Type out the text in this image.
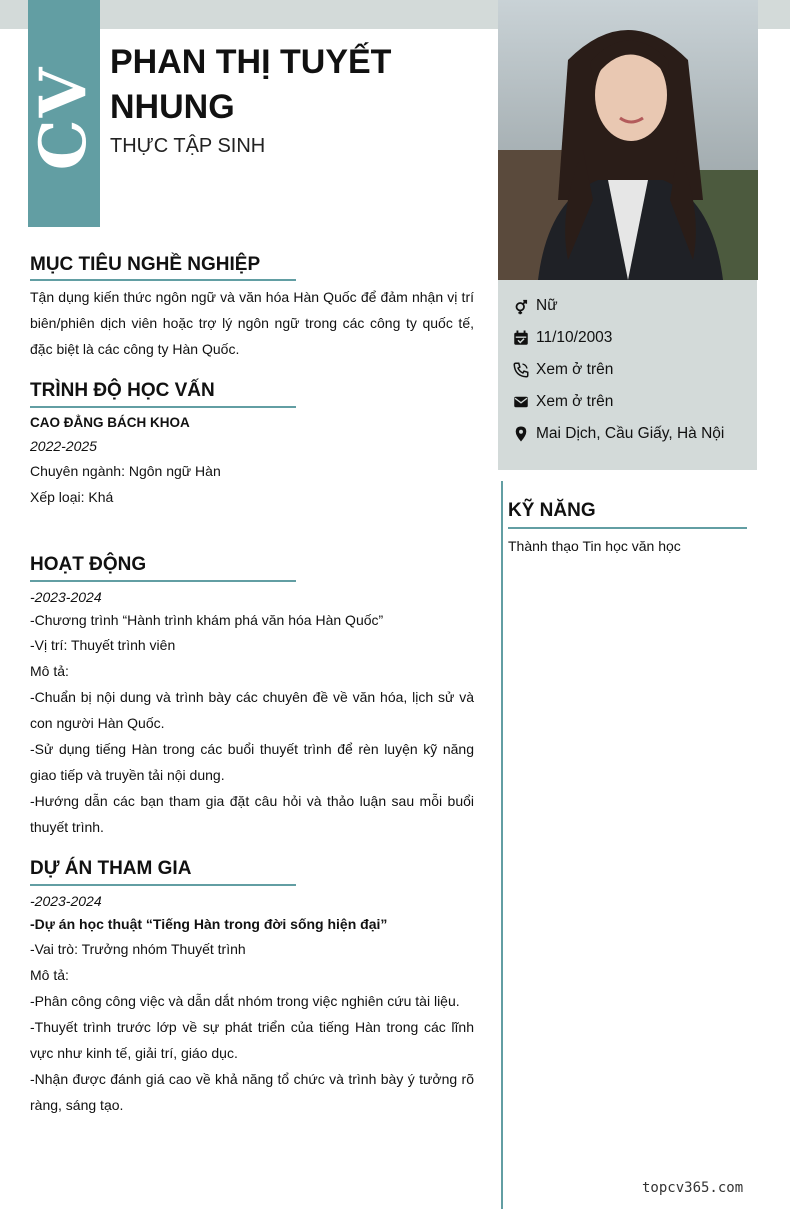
CV
PHAN THỊ TUYẾT NHUNG
THỰC TẬP SINH
Nữ
11/10/2003
Xem ở trên
Xem ở trên
Mai Dịch, Cầu Giấy, Hà Nội
MỤC TIÊU NGHỀ NGHIỆP
Tận dụng kiến thức ngôn ngữ và văn hóa Hàn Quốc để đảm nhận vị trí biên/phiên dịch viên hoặc trợ lý ngôn ngữ trong các công ty quốc tế, đặc biệt là các công ty Hàn Quốc.
TRÌNH ĐỘ HỌC VẤN
CAO ĐẲNG BÁCH KHOA
2022-2025
Chuyên ngành: Ngôn ngữ Hàn
Xếp loại: Khá
HOẠT ĐỘNG
-2023-2024
-Chương trình “Hành trình khám phá văn hóa Hàn Quốc”
-Vị trí: Thuyết trình viên
Mô tả:
-Chuẩn bị nội dung và trình bày các chuyên đề về văn hóa, lịch sử và con người Hàn Quốc.
-Sử dụng tiếng Hàn trong các buổi thuyết trình để rèn luyện kỹ năng giao tiếp và truyền tải nội dung.
-Hướng dẫn các bạn tham gia đặt câu hỏi và thảo luận sau mỗi buổi thuyết trình.
DỰ ÁN THAM GIA
-2023-2024
-Dự án học thuật “Tiếng Hàn trong đời sống hiện đại”
-Vai trò: Trưởng nhóm Thuyết trình
Mô tả:
-Phân công công việc và dẫn dắt nhóm trong việc nghiên cứu tài liệu.
-Thuyết trình trước lớp về sự phát triển của tiếng Hàn trong các lĩnh vực như kinh tế, giải trí, giáo dục.
-Nhận được đánh giá cao về khả năng tổ chức và trình bày ý tưởng rõ ràng, sáng tạo.
KỸ NĂNG
Thành thạo Tin học văn học
topcv365.com
